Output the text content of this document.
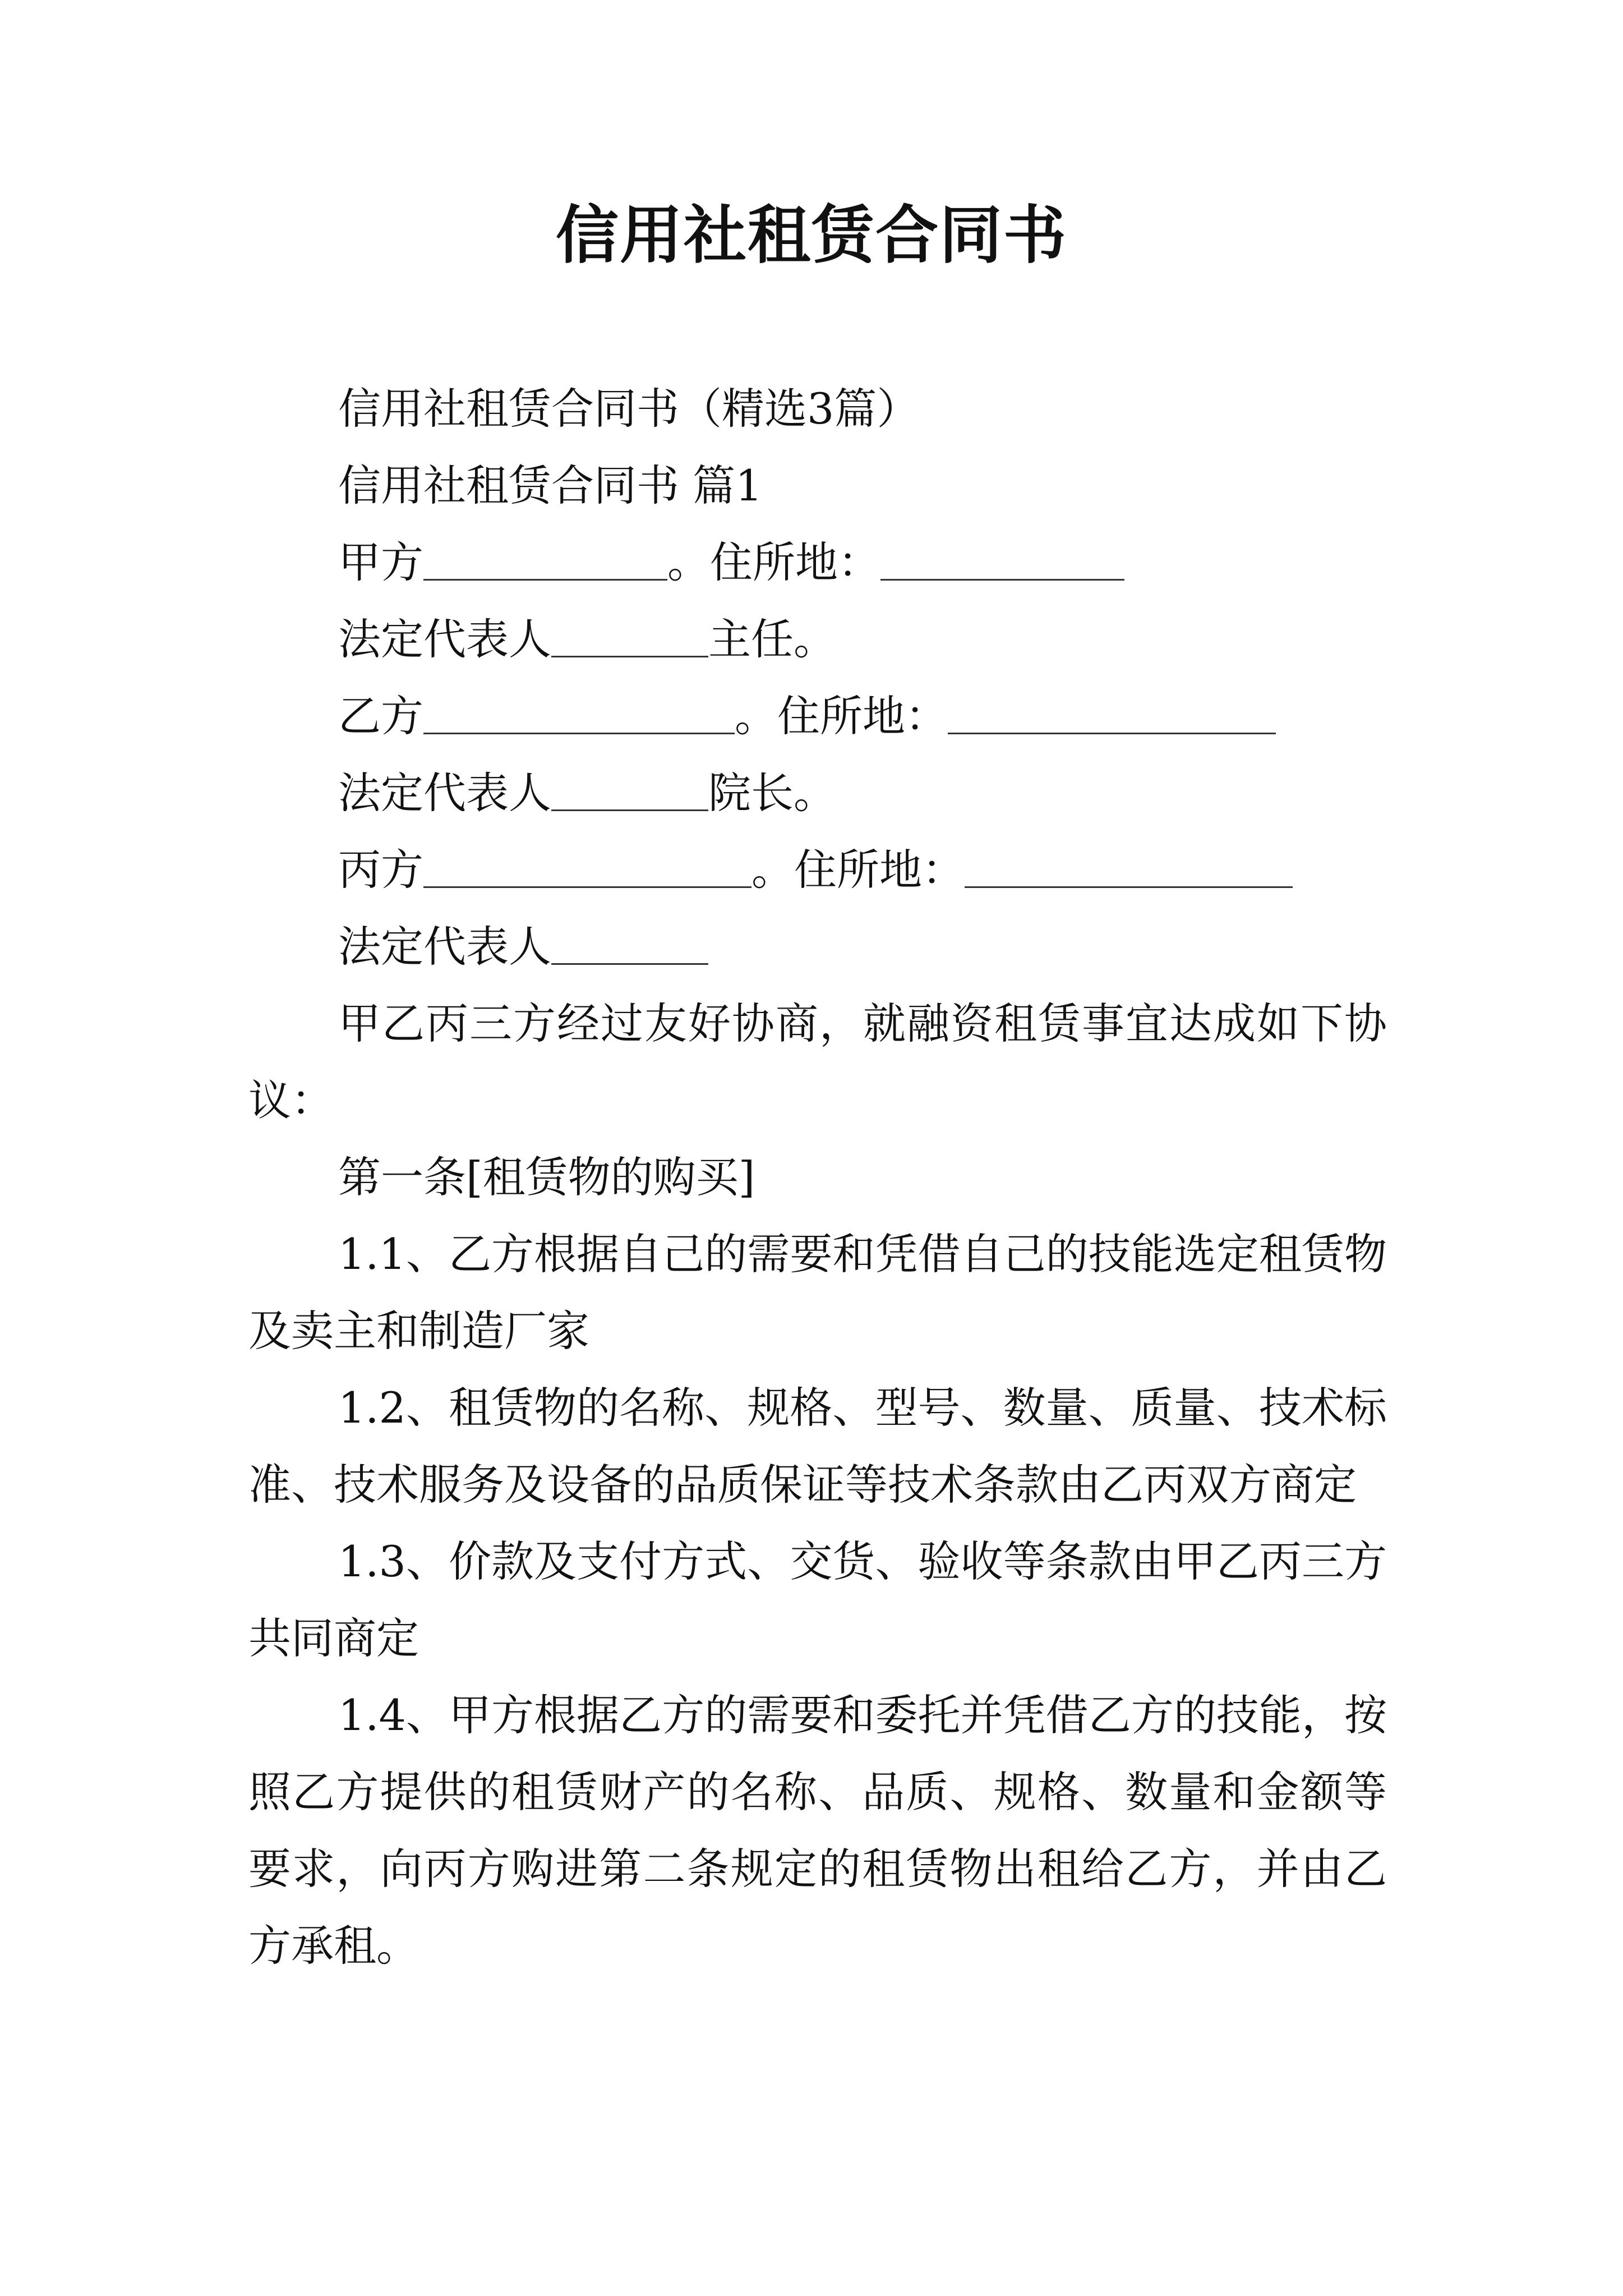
信用社租赁合同书

信用社租赁合同书（精选3篇）

信用社租赁合同书 篇1

甲方	。住所地：

法定代表人	主任。

乙方	。住所地：

法定代表人	院长。

丙方	。住所地：

法定代表人

甲乙丙三方经过友好协商，就融资租赁事宜达成如下协议：

第一条[租赁物的购买]

1.1、乙方根据自己的需要和凭借自己的技能选定租赁物及卖主和制造厂家

1.2、租赁物的名称、规格、型号、数量、质量、技术标准、技术服务及设备的品质保证等技术条款由乙丙双方商定

1.3、价款及支付方式、交货、验收等条款由甲乙丙三方共同商定

1.4、甲方根据乙方的需要和委托并凭借乙方的技能，按照乙方提供的租赁财产的名称、品质、规格、数量和金额等要求，向丙方购进第二条规定的租赁物出租给乙方，并由乙方承租。
